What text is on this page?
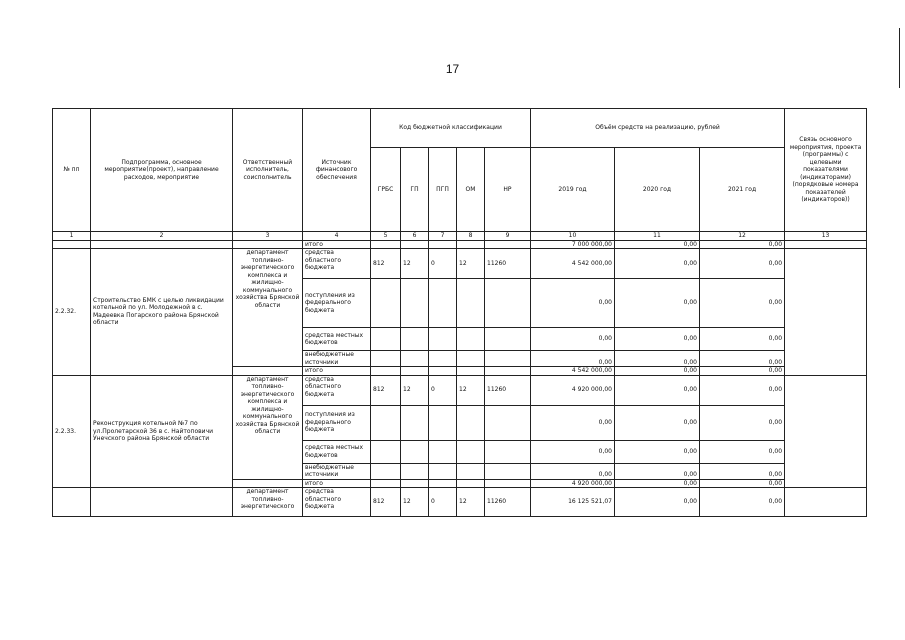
17
№ пп	Подпрограмма, основное мероприятие(проект), направление расходов, мероприятие	Ответственный исполнитель, соисполнитель	Источник финансового обеспечения	Код бюджетной классификации					Объём средств на реализацию, рублей			Связь основного мероприятия, проекта (программы) с целевыми показателями (индикаторами) (порядковые номера показателей (индикаторов))
				ГРБС	ГП	ПГП	ОМ	НР	2019 год	2020 год	2021 год	
1	2	3	4	5	6	7	8	9	10	11	12	13
			итого						7 000 000,00	0,00	0,00	
2.2.32.	Строительство БМК с целью ликвидации котельной по ул. Молодежной в с. Мадеевка Погарского района Брянской области	департамент топливно-энергетического комплекса и жилищно-коммунального хозяйства Брянской области	средства областного бюджета	812	12	0	12	11260	4 542 000,00	0,00	0,00	
			поступления из федерального бюджета						0,00	0,00	0,00	
			средства местных бюджетов						0,00	0,00	0,00	
			внебюджетные источники						0,00	0,00	0,00	
			итого						4 542 000,00	0,00	0,00	
2.2.33.	Реконструкция котельной №7 по ул.Пролетарской 36 в с. Найтоповичи Унечского района Брянской области	департамент топливно-энергетического комплекса и жилищно-коммунального хозяйства Брянской области	средства областного бюджета	812	12	0	12	11260	4 920 000,00	0,00	0,00	
			поступления из федерального бюджета						0,00	0,00	0,00	
			средства местных бюджетов						0,00	0,00	0,00	
			внебюджетные источники						0,00	0,00	0,00	
			итого						4 920 000,00	0,00	0,00	
		департамент топливно-энергетического	средства областного бюджета	812	12	0	12	11260	16 125 521,07	0,00	0,00	
